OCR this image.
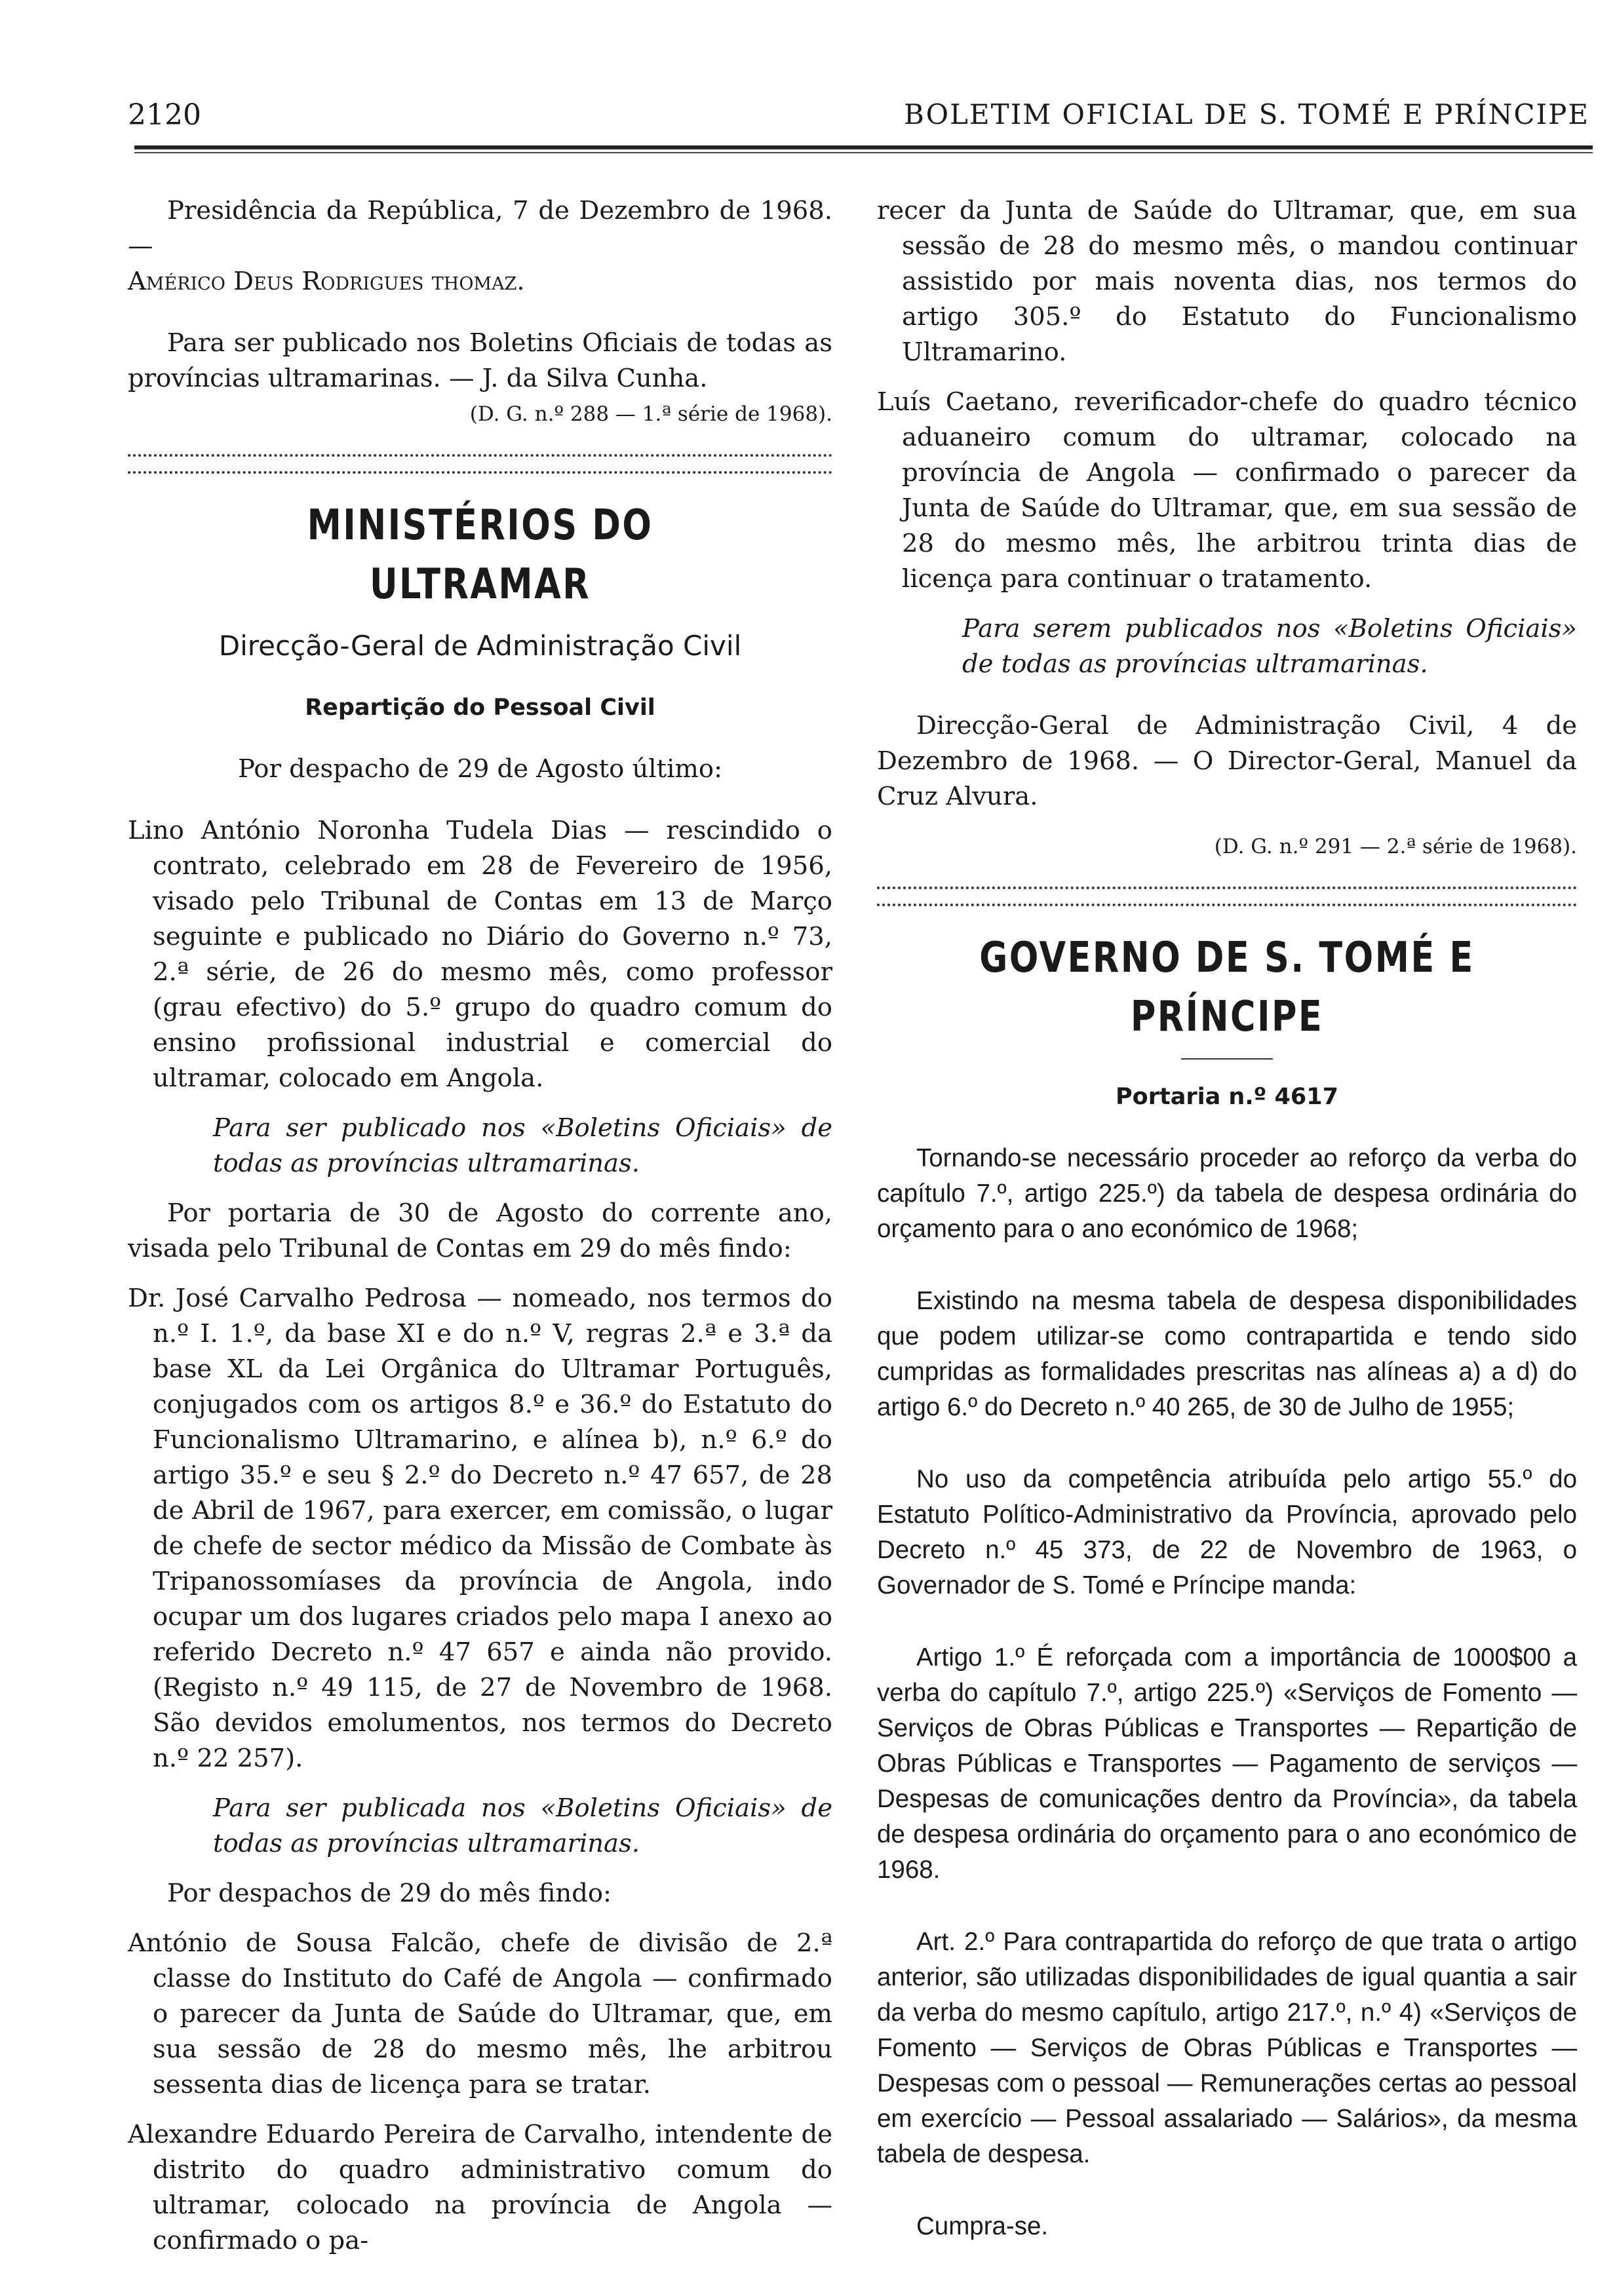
2120	BOLETIM OFICIAL DE S. TOMÉ E PRÍNCIPE

Presidência da República, 7 de Dezembro de 1968. —

Américo Deus Rodrigues thomaz.

Para ser publicado nos Boletins Oficiais de todas as províncias ultramarinas. — J. da Silva Cunha.

(D. G. n.º 288 — 1.ª série de 1968).

MINISTÉRIOS DO ULTRAMAR
Direcção-Geral de Administração Civil
Repartição do Pessoal Civil

Por despacho de 29 de Agosto último:

Lino António Noronha Tudela Dias — rescindido o contrato, celebrado em 28 de Fevereiro de 1956, visado pelo Tribunal de Contas em 13 de Março seguinte e publicado no Diário do Governo n.º 73, 2.ª série, de 26 do mesmo mês, como professor (grau efectivo) do 5.º grupo do quadro comum do ensino profissional industrial e comercial do ultramar, colocado em Angola.

Para ser publicado nos «Boletins Oficiais» de todas as províncias ultramarinas.

Por portaria de 30 de Agosto do corrente ano, visada pelo Tribunal de Contas em 29 do mês findo:

Dr. José Carvalho Pedrosa — nomeado, nos termos do n.º I. 1.º, da base XI e do n.º V, regras 2.ª e 3.ª da base XL da Lei Orgânica do Ultramar Português, conjugados com os artigos 8.º e 36.º do Estatuto do Funcionalismo Ultramarino, e alínea b), n.º 6.º do artigo 35.º e seu § 2.º do Decreto n.º 47 657, de 28 de Abril de 1967, para exercer, em comissão, o lugar de chefe de sector médico da Missão de Combate às Tripanossomíases da província de Angola, indo ocupar um dos lugares criados pelo mapa I anexo ao referido Decreto n.º 47 657 e ainda não provido. (Registo n.º 49 115, de 27 de Novembro de 1968. São devidos emolumentos, nos termos do Decreto n.º 22 257).

Para ser publicada nos «Boletins Oficiais» de todas as províncias ultramarinas.

Por despachos de 29 do mês findo:

António de Sousa Falcão, chefe de divisão de 2.ª classe do Instituto do Café de Angola — confirmado o parecer da Junta de Saúde do Ultramar, que, em sua sessão de 28 do mesmo mês, lhe arbitrou sessenta dias de licença para se tratar.

Alexandre Eduardo Pereira de Carvalho, intendente de distrito do quadro administrativo comum do ultramar, colocado na província de Angola — confirmado o pa-

recer da Junta de Saúde do Ultramar, que, em sua sessão de 28 do mesmo mês, o mandou continuar assistido por mais noventa dias, nos termos do artigo 305.º do Estatuto do Funcionalismo Ultramarino.

Luís Caetano, reverificador-chefe do quadro técnico aduaneiro comum do ultramar, colocado na província de Angola — confirmado o parecer da Junta de Saúde do Ultramar, que, em sua sessão de 28 do mesmo mês, lhe arbitrou trinta dias de licença para continuar o tratamento.

Para serem publicados nos «Boletins Oficiais» de todas as províncias ultramarinas.

Direcção-Geral de Administração Civil, 4 de Dezembro de 1968. — O Director-Geral, Manuel da Cruz Alvura.

(D. G. n.º 291 — 2.ª série de 1968).

GOVERNO DE S. TOMÉ E PRÍNCIPE
Portaria n.º 4617

Tornando-se necessário proceder ao reforço da verba do capítulo 7.º, artigo 225.º) da tabela de despesa ordinária do orçamento para o ano económico de 1968;

Existindo na mesma tabela de despesa disponibilidades que podem utilizar-se como contrapartida e tendo sido cumpridas as formalidades prescritas nas alíneas a) a d) do artigo 6.º do Decreto n.º 40 265, de 30 de Julho de 1955;

No uso da competência atribuída pelo artigo 55.º do Estatuto Político-Administrativo da Província, aprovado pelo Decreto n.º 45 373, de 22 de Novembro de 1963, o Governador de S. Tomé e Príncipe manda:

Artigo 1.º É reforçada com a importância de 1000$00 a verba do capítulo 7.º, artigo 225.º) «Serviços de Fomento — Serviços de Obras Públicas e Transportes — Repartição de Obras Públicas e Transportes — Pagamento de serviços — Despesas de comunicações dentro da Província», da tabela de despesa ordinária do orçamento para o ano económico de 1968.

Art. 2.º Para contrapartida do reforço de que trata o artigo anterior, são utilizadas disponibilidades de igual quantia a sair da verba do mesmo capítulo, artigo 217.º, n.º 4) «Serviços de Fomento — Serviços de Obras Públicas e Transportes — Despesas com o pessoal — Remunerações certas ao pessoal em exercício — Pessoal assalariado — Salários», da mesma tabela de despesa.

Cumpra-se.
